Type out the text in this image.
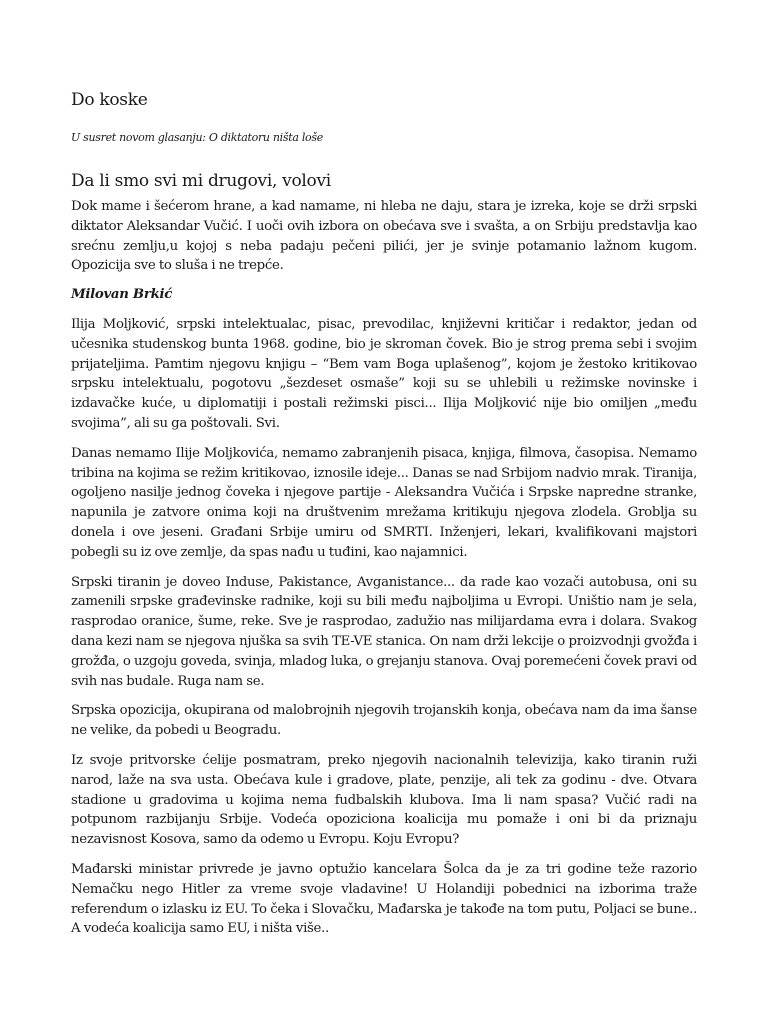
Do koske

U susret novom glasanju: O diktatoru ništa loše

Da li smo svi mi drugovi, volovi

Dok mame i šećerom hrane, a kad namame, ni hleba ne daju, stara je izreka, koje se drži srpski diktator Aleksandar Vučić. I uoči ovih izbora on obećava sve i svašta, a on Srbiju predstavlja kao srećnu zemlju,u kojoj s neba padaju pečeni pilići, jer je svinje potamanio lažnom kugom. Opozicija sve to sluša i ne trepće.

Milovan Brkić

Ilija Moljković, srpski intelektualac, pisac, prevodilac, književni kritičar i redaktor, jedan od učesnika studenskog bunta 1968. godine, bio je skroman čovek. Bio je strog prema sebi i svojim prijateljima. Pamtim njegovu knjigu – “Bem vam Boga uplašenog”, kojom je žestoko kritikovao srpsku intelektualu, pogotovu „šezdeset osmaše” koji su se uhlebili u režimske novinske i izdavačke kuće, u diplomatiji i postali režimski pisci... Ilija Moljković nije bio omiljen „među svojima”, ali su ga poštovali. Svi.

Danas nemamo Ilije Moljkovića, nemamo zabranjenih pisaca, knjiga, filmova, časopisa. Nemamo tribina na kojima se režim kritikovao, iznosile ideje... Danas se nad Srbijom nadvio mrak. Tiranija, ogoljeno nasilje jednog čoveka i njegove partije - Aleksandra Vučića i Srpske napredne stranke, napunila je zatvore onima koji na društvenim mrežama kritikuju njegova zlodela. Groblja su donela i ove jeseni. Građani Srbije umiru od SMRTI. Inženjeri, lekari, kvalifikovani majstori pobegli su iz ove zemlje, da spas nađu u tuđini, kao najamnici.

Srpski tiranin je doveo Induse, Pakistance, Avganistance... da rade kao vozači autobusa, oni su zamenili srpske građevinske radnike, koji su bili među najboljima u Evropi. Uništio nam je sela, rasprodao oranice, šume, reke. Sve je rasprodao, zadužio nas milijardama evra i dolara. Svakog dana kezi nam se njegova njuška sa svih TE-VE stanica. On nam drži lekcije o proizvodnji gvožđa i grožđa, o uzgoju goveda, svinja, mladog luka, o grejanju stanova. Ovaj poremećeni čovek pravi od svih nas budale. Ruga nam se.

Srpska opozicija, okupirana od malobrojnih njegovih trojanskih konja, obećava nam da ima šanse ne velike, da pobedi u Beogradu.

Iz svoje pritvorske ćelije posmatram, preko njegovih nacionalnih televizija, kako tiranin ruži narod, laže na sva usta. Obećava kule i gradove, plate, penzije, ali tek za godinu - dve. Otvara stadione u gradovima u kojima nema fudbalskih klubova. Ima li nam spasa? Vučić radi na potpunom razbijanju Srbije. Vodeća opoziciona koalicija mu pomaže i oni bi da priznaju nezavisnost Kosova, samo da odemo u Evropu. Koju Evropu?

Mađarski ministar privrede je javno optužio kancelara Šolca da je za tri godine teže razorio Nemačku nego Hitler za vreme svoje vladavine! U Holandiji pobednici na izborima traže referendum o izlasku iz EU. To čeka i Slovačku, Mađarska je takođe na tom putu, Poljaci se bune.. A vodeća koalicija samo EU, i ništa više..
